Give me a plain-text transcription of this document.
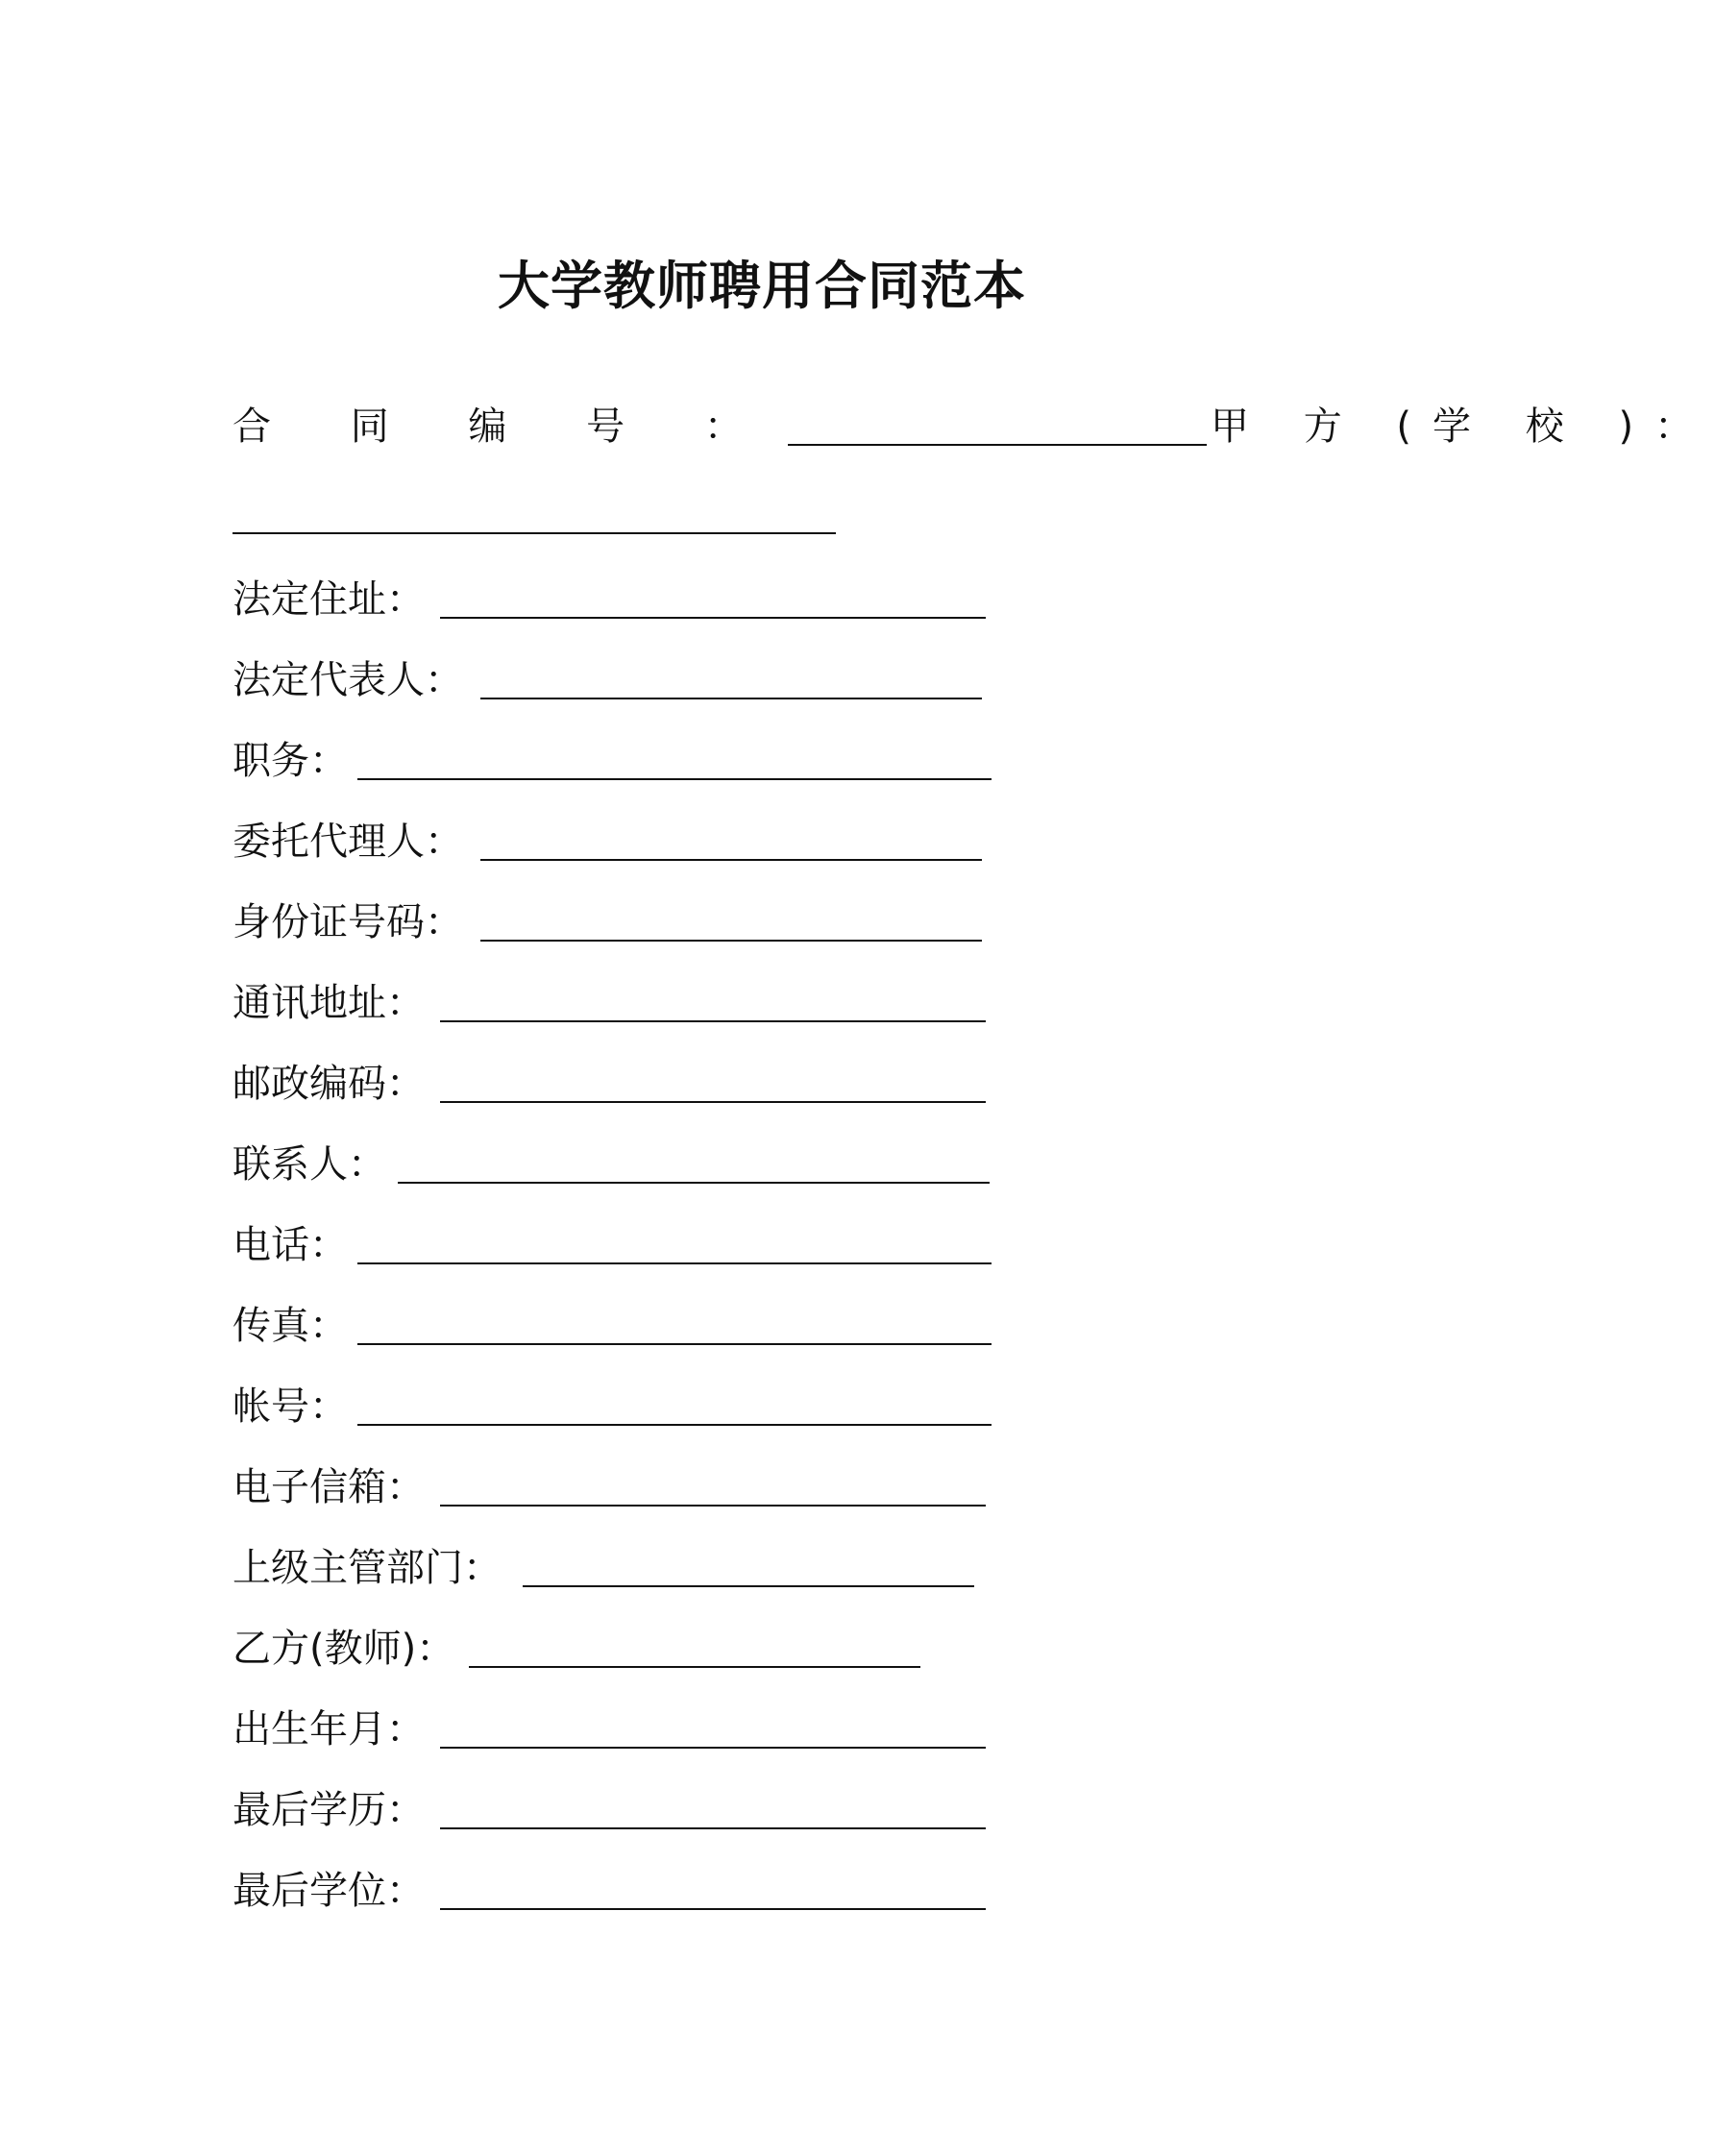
大学教师聘用合同范本
合 同 编 号 ：	甲 方 (学 校 )：
法定住址：
法定代表人：
职务：
委托代理人：
身份证号码：
通讯地址：
邮政编码：
联系人：
电话：
传真：
帐号：
电子信箱：
上级主管部门：
乙方(教师)：
出生年月：
最后学历：
最后学位：
